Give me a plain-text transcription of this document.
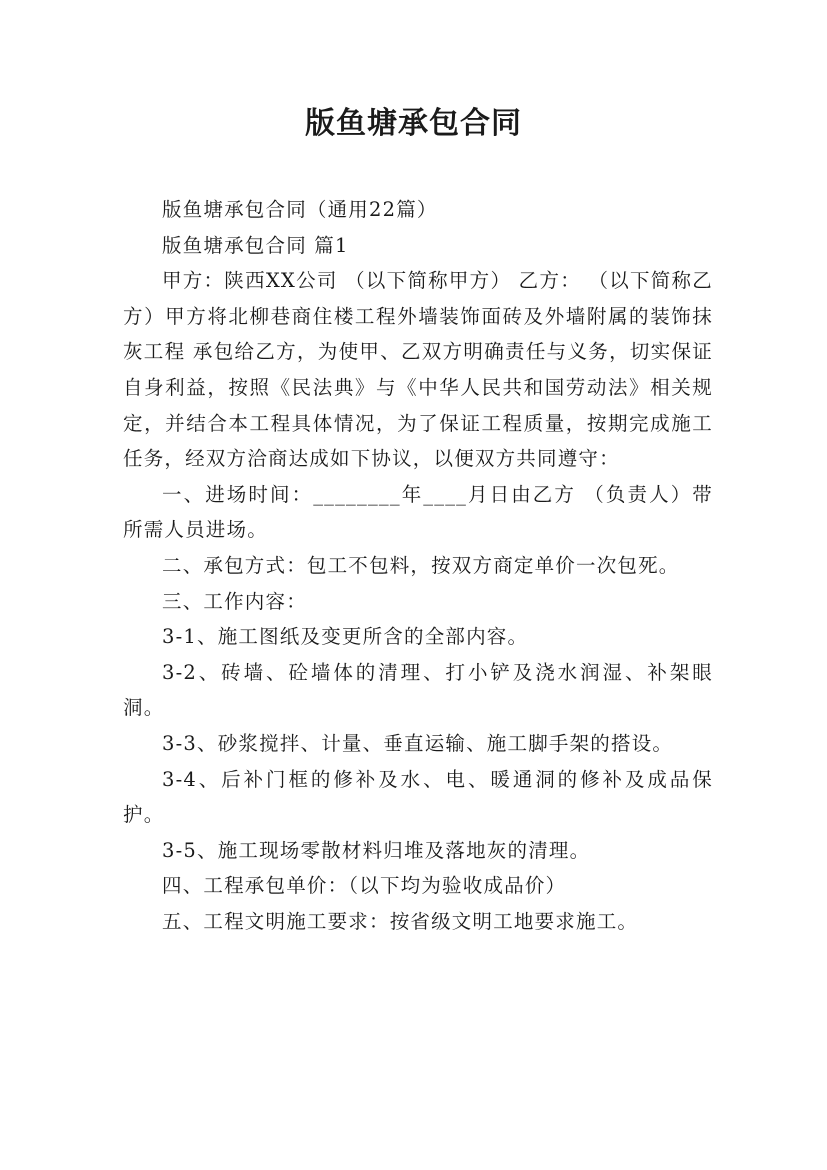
版鱼塘承包合同

版鱼塘承包合同（通用22篇）

版鱼塘承包合同 篇1

甲方：陕西XX公司 （以下简称甲方） 乙方： （以下简称乙方）甲方将北柳巷商住楼工程外墙装饰面砖及外墙附属的装饰抹灰工程 承包给乙方，为使甲、乙双方明确责任与义务，切实保证自身利益，按照《民法典》与《中华人民共和国劳动法》相关规定，并结合本工程具体情况，为了保证工程质量，按期完成施工任务，经双方洽商达成如下协议，以便双方共同遵守：

一、进场时间：________年____月日由乙方 （负责人）带所需人员进场。

二、承包方式：包工不包料，按双方商定单价一次包死。

三、工作内容：

3-1、施工图纸及变更所含的全部内容。

3-2、砖墙、砼墙体的清理、打小铲及浇水润湿、补架眼洞。

3-3、砂浆搅拌、计量、垂直运输、施工脚手架的搭设。

3-4、后补门框的修补及水、电、暖通洞的修补及成品保护。

3-5、施工现场零散材料归堆及落地灰的清理。

四、工程承包单价：（以下均为验收成品价）

五、工程文明施工要求：按省级文明工地要求施工。
